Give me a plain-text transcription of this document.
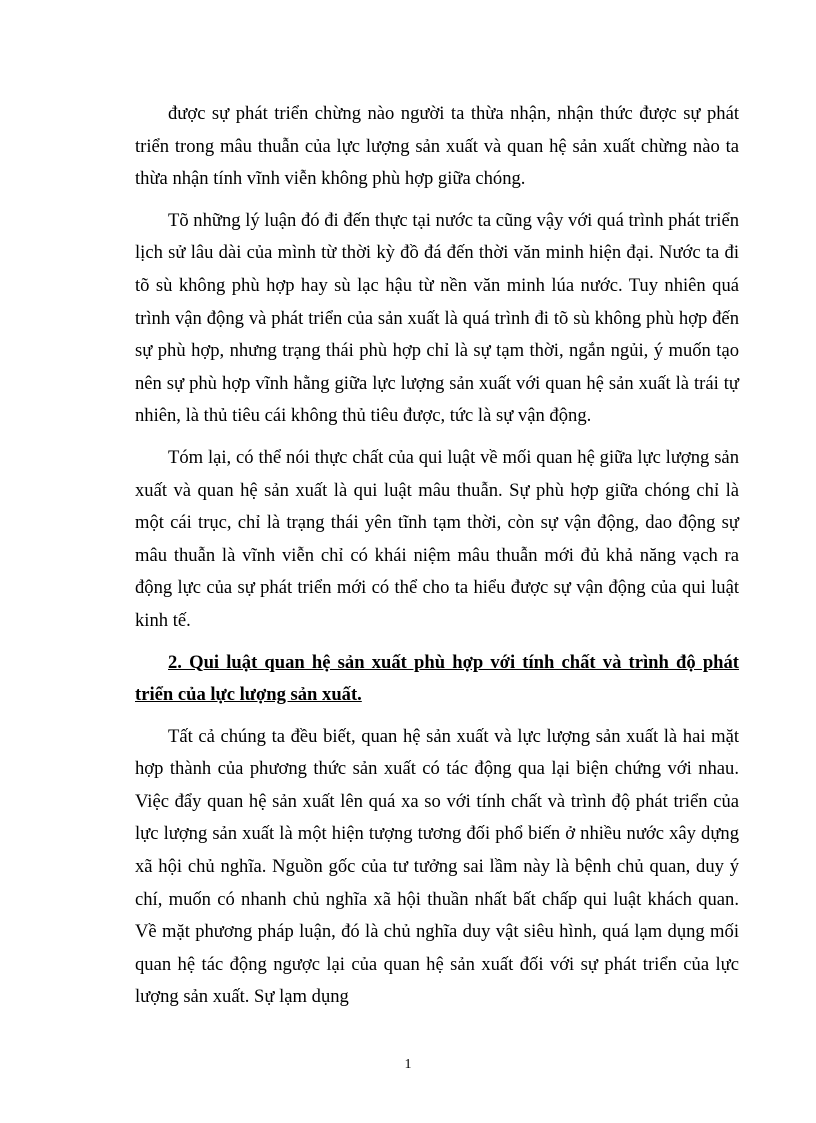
được sự phát triển chừng nào người ta thừa nhận, nhận thức được sự phát triển trong mâu thuẫn của lực lượng sản xuất và quan hệ sản xuất chừng nào ta thừa nhận tính vĩnh viễn không phù hợp giữa chóng.

Tõ những lý luận đó đi đến thực tại nước ta cũng vậy với quá trình phát triển lịch sử lâu dài của mình từ thời kỳ đồ đá đến thời văn minh hiện đại. Nước ta đi tõ sù không phù hợp hay sù lạc hậu từ nền văn minh lúa nước. Tuy nhiên quá trình vận động và phát triển của sản xuất là quá trình đi tõ sù không phù hợp đến sự phù hợp, nhưng trạng thái phù hợp chỉ là sự tạm thời, ngắn ngủi, ý muốn tạo nên sự phù hợp vĩnh hằng giữa lực lượng sản xuất với quan hệ sản xuất là trái tự nhiên, là thủ tiêu cái không thủ tiêu được, tức là sự vận động.

Tóm lại, có thể nói thực chất của qui luật về mối quan hệ giữa lực lượng sản xuất và quan hệ sản xuất là qui luật mâu thuẫn. Sự phù hợp giữa chóng chỉ là một cái trục, chỉ là trạng thái yên tĩnh tạm thời, còn sự vận động, dao động sự mâu thuẫn là vĩnh viễn chỉ có khái niệm mâu thuẫn mới đủ khả năng vạch ra động lực của sự phát triển mới có thể cho ta hiểu được sự vận động của qui luật kinh tế.

2. Qui luật quan hệ sản xuất phù hợp với tính chất và trình độ phát triển của lực lượng sản xuất.

Tất cả chúng ta đều biết, quan hệ sản xuất và lực lượng sản xuất là hai mặt hợp thành của phương thức sản xuất có tác động qua lại biện chứng với nhau. Việc đẩy quan hệ sản xuất lên quá xa so với tính chất và trình độ phát triển của lực lượng sản xuất là một hiện tượng tương đối phổ biến ở nhiều nước xây dựng xã hội chủ nghĩa. Nguồn gốc của tư tưởng sai lầm này là bệnh chủ quan, duy ý chí, muốn có nhanh chủ nghĩa xã hội thuần nhất bất chấp qui luật khách quan. Về mặt phương pháp luận, đó là chủ nghĩa duy vật siêu hình, quá lạm dụng mối quan hệ tác động ngược lại của quan hệ sản xuất đối với sự phát triển của lực lượng sản xuất. Sự lạm dụng

1
